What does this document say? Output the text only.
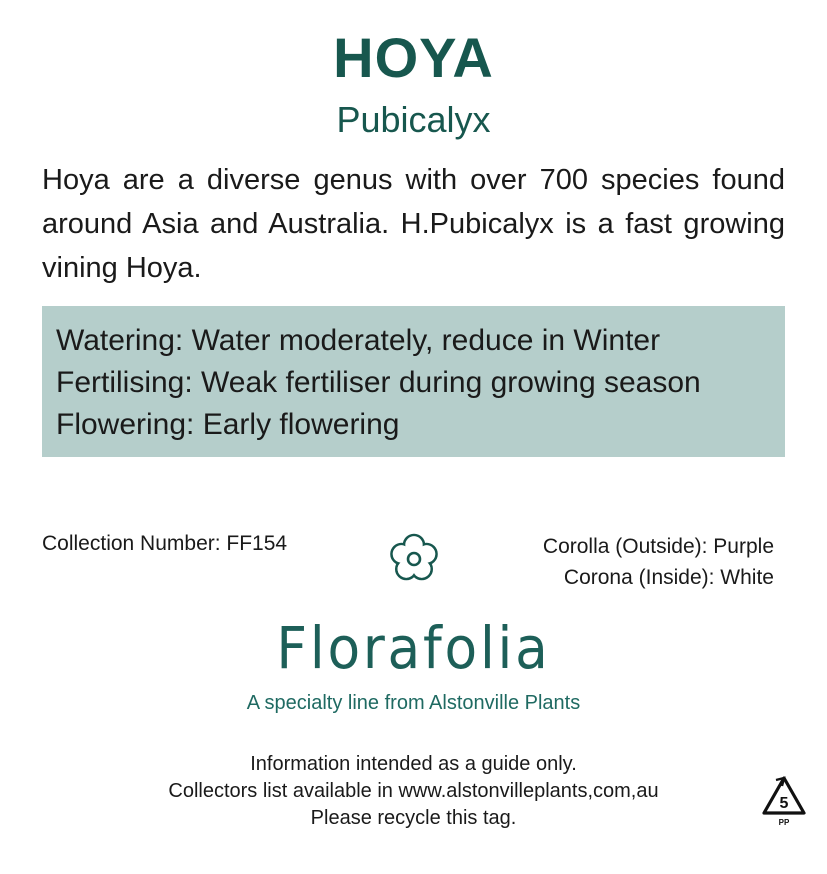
HOYA
Pubicalyx
Hoya are a diverse genus with over 700 species found around Asia and Australia. H.Pubicalyx is a fast growing vining Hoya.
Watering: Water moderately, reduce in Winter
Fertilising: Weak fertiliser during growing season
Flowering: Early flowering
Collection Number: FF154	Corolla (Outside): Purple
Corona (Inside): White
Florafolia
A specialty line from Alstonville Plants
Information intended as a guide only.
Collectors list available in www.alstonvilleplants,com,au
Please recycle this tag.
5
PP
